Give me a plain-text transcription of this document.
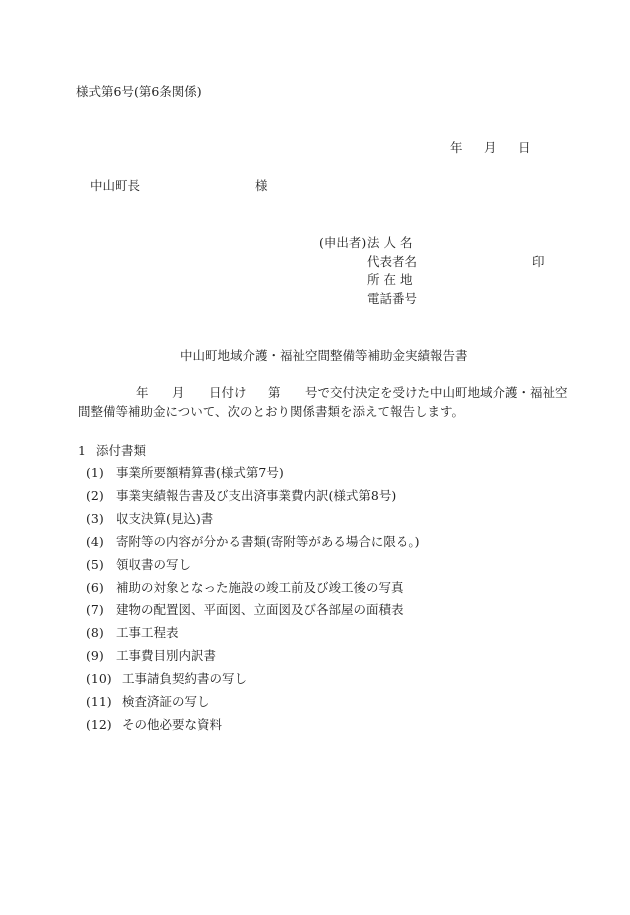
様式第6号(第6条関係)
年 月 日
中山町長	様
(申出者) 法 人 名
代表者名	印
所 在 地
電話番号
中山町地域介護・福祉空間整備等補助金実績報告書
年 月 日付け 第 号で交付決定を受けた中山町地域介護・福祉空
間整備等補助金について、次のとおり関係書類を添えて報告します。
1 添付書類
(1) 事業所要額精算書(様式第7号)
(2) 事業実績報告書及び支出済事業費内訳(様式第8号)
(3) 収支決算(見込)書
(4) 寄附等の内容が分かる書類(寄附等がある場合に限る。)
(5) 領収書の写し
(6) 補助の対象となった施設の竣工前及び竣工後の写真
(7) 建物の配置図、平面図、立面図及び各部屋の面積表
(8) 工事工程表
(9) 工事費目別内訳書
(10) 工事請負契約書の写し
(11) 検査済証の写し
(12) その他必要な資料
